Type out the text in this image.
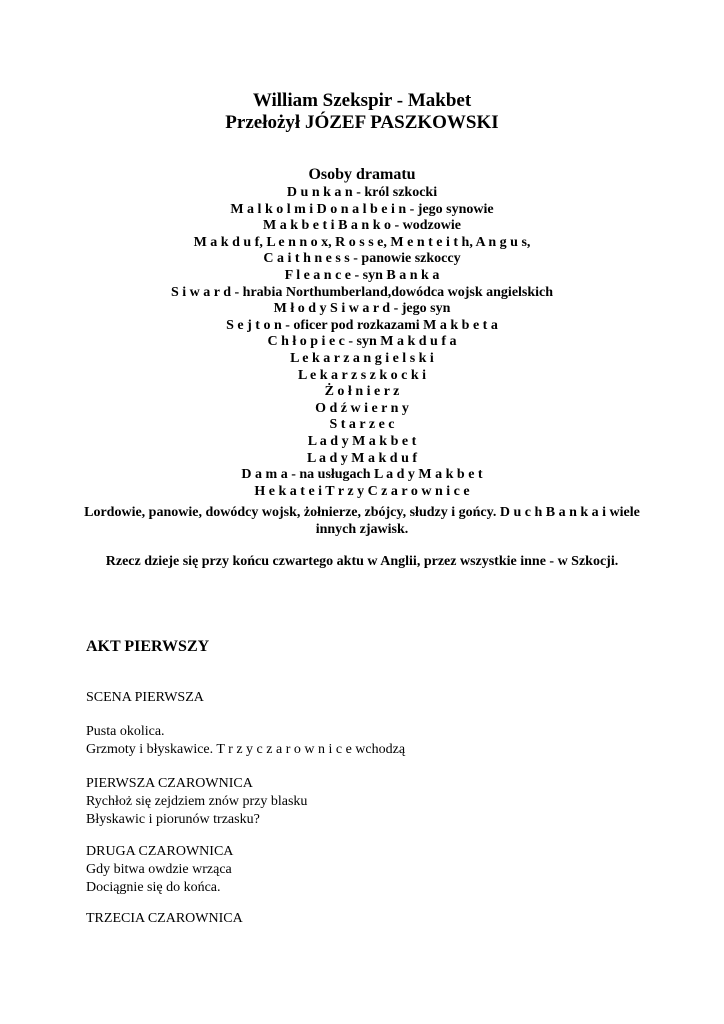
William Szekspir - Makbet
Przełożył JÓZEF PASZKOWSKI
Osoby dramatu
D u n k a n - król szkocki
M a l k o l m i D o n a l b e i n - jego synowie
M a k b e t i B a n k o - wodzowie
M a k d u f, L e n n o x, R o s s e, M e n t e i t h, A n g u s,
C a i t h n e s s - panowie szkoccy
F l e a n c e - syn B a n k a
S i w a r d - hrabia Northumberland,dowódca wojsk angielskich
M ł o d y S i w a r d - jego syn
S e j t o n - oficer pod rozkazami M a k b e t a
C h ł o p i e c - syn M a k d u f a
L e k a r z a n g i e l s k i
L e k a r z s z k o c k i
Ż o ł n i e r z
O d ź w i e r n y
S t a r z e c
L a d y M a k b e t
L a d y M a k d u f
D a m a - na usługach L a d y M a k b e t
H e k a t e i T r z y C z a r o w n i c e
Lordowie, panowie, dowódcy wojsk, żołnierze, zbójcy, słudzy i gońcy. D u c h B a n k a i wiele innych zjawisk.
Rzecz dzieje się przy końcu czwartego aktu w Anglii, przez wszystkie inne - w Szkocji.
AKT PIERWSZY

SCENA PIERWSZA

Pusta okolica.

Grzmoty i błyskawice. T r z y c z a r o w n i c e wchodzą

PIERWSZA CZAROWNICA

Rychłoż się zejdziem znów przy blasku

Błyskawic i piorunów trzasku?

DRUGA CZAROWNICA

Gdy bitwa owdzie wrząca

Dociągnie się do końca.

TRZECIA CZAROWNICA
